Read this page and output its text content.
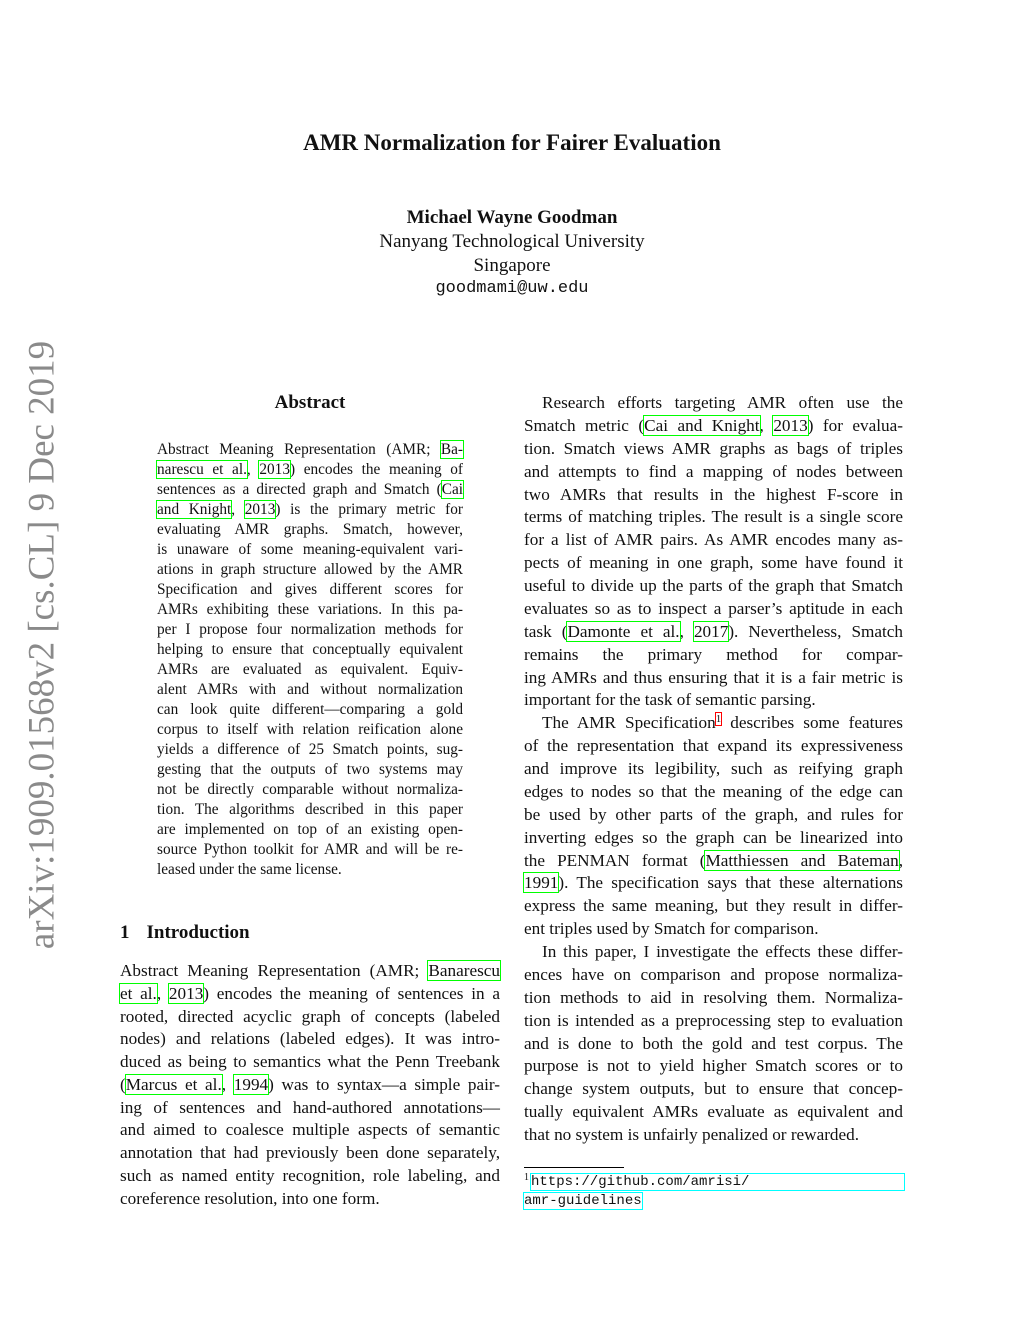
AMR Normalization for Fairer Evaluation
Michael Wayne Goodman
Nanyang Technological University
Singapore
goodmami@uw.edu
arXiv:1909.01568v2 [cs.CL] 9 Dec 2019	Abstract
Abstract Meaning Representation (AMR; Ba-
narescu et al., 2013) encodes the meaning of
sentences as a directed graph and Smatch (Cai
and Knight, 2013) is the primary metric for
evaluating AMR graphs. Smatch, however,
is unaware of some meaning-equivalent vari-
ations in graph structure allowed by the AMR
Specification and gives different scores for
AMRs exhibiting these variations. In this pa-
per I propose four normalization methods for
helping to ensure that conceptually equivalent
AMRs are evaluated as equivalent. Equiv-
alent AMRs with and without normalization
can look quite different—comparing a gold
corpus to itself with relation reification alone
yields a difference of 25 Smatch points, sug-
gesting that the outputs of two systems may
not be directly comparable without normaliza-
tion. The algorithms described in this paper
are implemented on top of an existing open-
source Python toolkit for AMR and will be re-
leased under the same license.
1 Introduction
Abstract Meaning Representation (AMR; Banarescu
et al., 2013) encodes the meaning of sentences in a
rooted, directed acyclic graph of concepts (labeled
nodes) and relations (labeled edges). It was intro-
duced as being to semantics what the Penn Treebank
(Marcus et al., 1994) was to syntax—a simple pair-
ing of sentences and hand-authored annotations—
and aimed to coalesce multiple aspects of semantic
annotation that had previously been done separately,
such as named entity recognition, role labeling, and
coreference resolution, into one form.
Research efforts targeting AMR often use the
Smatch metric (Cai and Knight, 2013) for evalua-
tion. Smatch views AMR graphs as bags of triples
and attempts to find a mapping of nodes between
two AMRs that results in the highest F-score in
terms of matching triples. The result is a single score
for a list of AMR pairs. As AMR encodes many as-
pects of meaning in one graph, some have found it
useful to divide up the parts of the graph that Smatch
evaluates so as to inspect a parser’s aptitude in each
task (Damonte et al., 2017). Nevertheless, Smatch
remains the primary method for compar-
ing AMRs and thus ensuring that it is a fair metric is
important for the task of semantic parsing.
The AMR Specification$^1$ describes some features
of the representation that expand its expressiveness
and improve its legibility, such as reifying graph
edges to nodes so that the meaning of the edge can
be used by other parts of the graph, and rules for
inverting edges so the graph can be linearized into
the PENMAN format (Matthiessen and Bateman,
1991). The specification says that these alternations
express the same meaning, but they result in differ-
ent triples used by Smatch for comparison.
In this paper, I investigate the effects these differ-
ences have on comparison and propose normaliza-
tion methods to aid in resolving them. Normaliza-
tion is intended as a preprocessing step to evaluation
and is done to both the gold and test corpus. The
purpose is not to yield higher Smatch scores or to
change system outputs, but to ensure that concep-
tually equivalent AMRs evaluate as equivalent and
that no system is unfairly penalized or rewarded.
1 https://github.com/amrisi/
amr-guidelines
